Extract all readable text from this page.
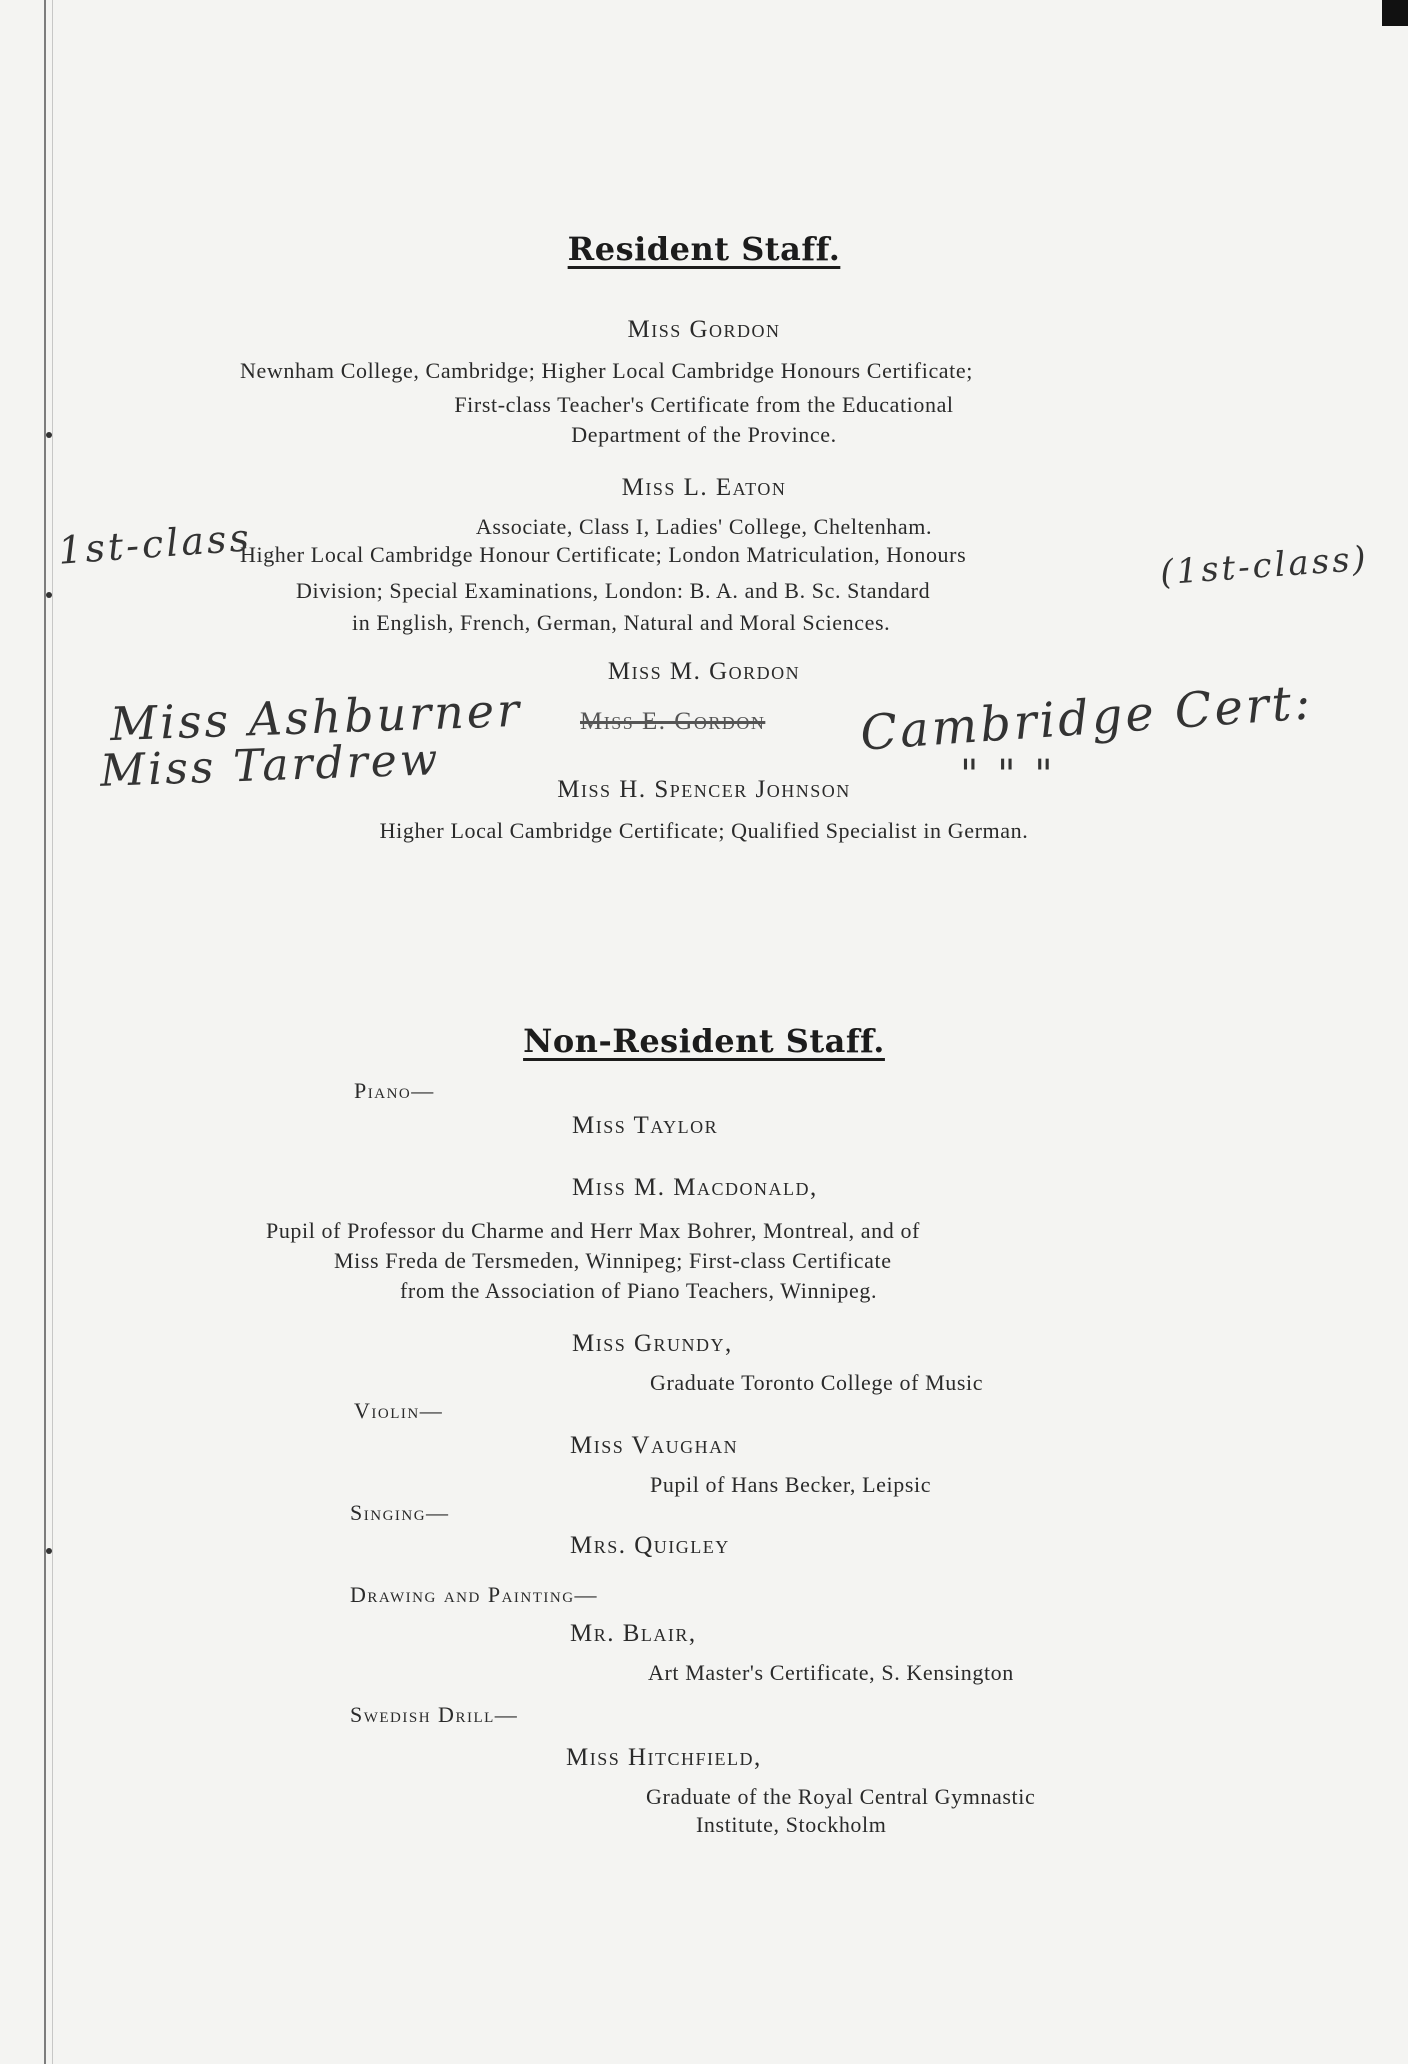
Resident Staff.
Miss Gordon
Newnham College, Cambridge; Higher Local Cambridge Honours Certificate;
First-class Teacher's Certificate from the Educational
Department of the Province.
Miss L. Eaton
Associate, Class I, Ladies' College, Cheltenham.
Higher Local Cambridge Honour Certificate; London Matriculation, Honours
Division; Special Examinations, London: B. A. and B. Sc. Standard
in English, French, German, Natural and Moral Sciences.
1st-class	(1st-class)
Miss M. Gordon
Miss E. Gordon
Miss Ashburner
Miss Tardrew
Cambridge Cert:
" " "
Miss H. Spencer Johnson
Higher Local Cambridge Certificate; Qualified Specialist in German.
Non-Resident Staff.
Piano—
Miss Taylor
Miss M. Macdonald,
Pupil of Professor du Charme and Herr Max Bohrer, Montreal, and of
Miss Freda de Tersmeden, Winnipeg; First-class Certificate
from the Association of Piano Teachers, Winnipeg.
Miss Grundy,
Graduate Toronto College of Music
Violin—
Miss Vaughan
Pupil of Hans Becker, Leipsic
Singing—
Mrs. Quigley
Drawing and Painting—
Mr. Blair,
Art Master's Certificate, S. Kensington
Swedish Drill—
Miss Hitchfield,
Graduate of the Royal Central Gymnastic
Institute, Stockholm
